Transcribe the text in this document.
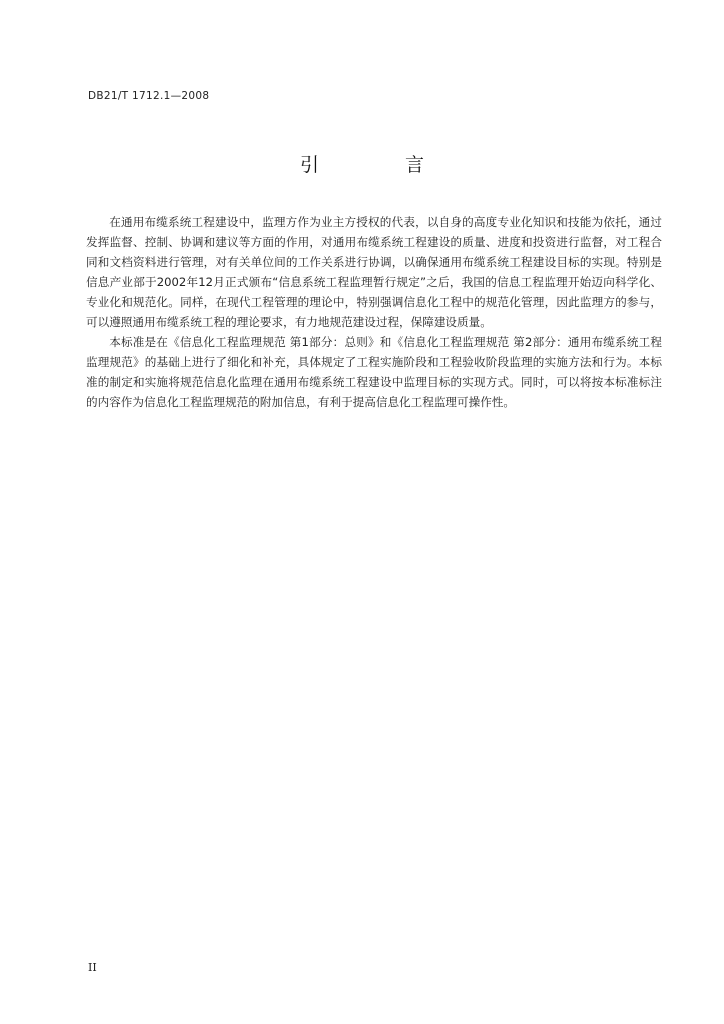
DB21/T 1712.1—2008
引 言

在通用布缆系统工程建设中，监理方作为业主方授权的代表，以自身的高度专业化知识和技能为依托，通过发挥监督、控制、协调和建议等方面的作用，对通用布缆系统工程建设的质量、进度和投资进行监督，对工程合同和文档资料进行管理，对有关单位间的工作关系进行协调，以确保通用布缆系统工程建设目标的实现。特别是信息产业部于2002年12月正式颁布“信息系统工程监理暂行规定”之后，我国的信息工程监理开始迈向科学化、专业化和规范化。同样，在现代工程管理的理论中，特别强调信息化工程中的规范化管理，因此监理方的参与，可以遵照通用布缆系统工程的理论要求，有力地规范建设过程，保障建设质量。

本标准是在《信息化工程监理规范 第1部分：总则》和《信息化工程监理规范 第2部分：通用布缆系统工程监理规范》的基础上进行了细化和补充，具体规定了工程实施阶段和工程验收阶段监理的实施方法和行为。本标准的制定和实施将规范信息化监理在通用布缆系统工程建设中监理目标的实现方式。同时，可以将按本标准标注的内容作为信息化工程监理规范的附加信息，有利于提高信息化工程监理可操作性。

II
